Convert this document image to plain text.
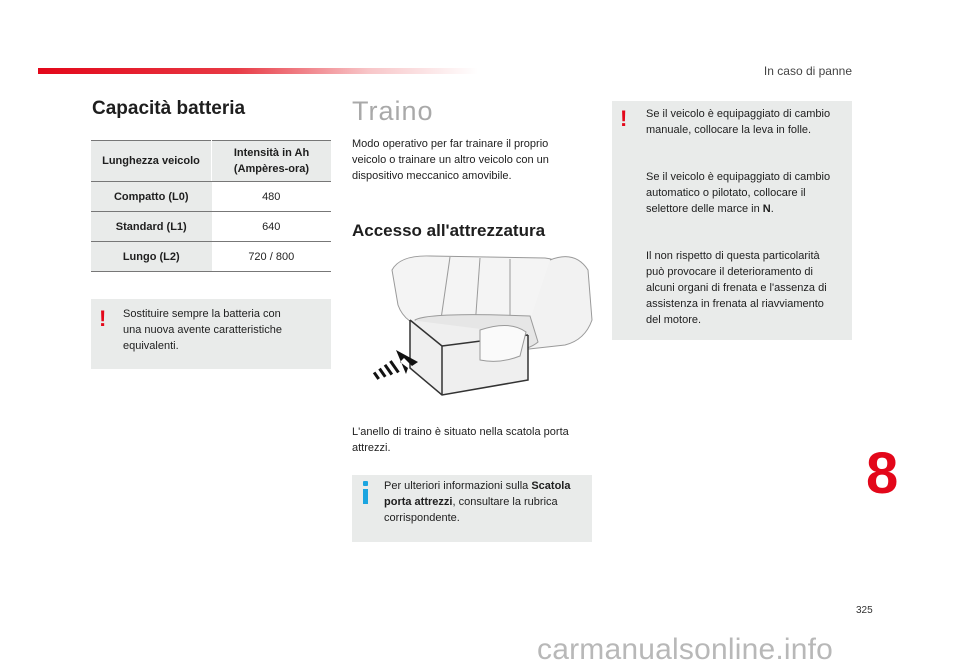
In caso di panne
Capacità batteria
Lunghezza veicolo	Intensità in Ah
(Ampères-ora)
Compatto (L0)	480
Standard (L1)	640
Lungo (L2)	720 / 800
! Sostituire sempre la batteria con
una nuova avente caratteristiche
equivalenti.
Traino
Modo operativo per far trainare il proprio
veicolo o trainare un altro veicolo con un
dispositivo meccanico amovibile.
Accesso all'attrezzatura
L'anello di traino è situato nella scatola porta
attrezzi.
Per ulteriori informazioni sulla Scatola
porta attrezzi, consultare la rubrica
corrispondente.
! Se il veicolo è equipaggiato di cambio
manuale, collocare la leva in folle.
Se il veicolo è equipaggiato di cambio
automatico o pilotato, collocare il
selettore delle marce in N.
Il non rispetto di questa particolarità
può provocare il deterioramento di
alcuni organi di frenata e l'assenza di
assistenza in frenata al riavviamento
del motore.
8
325
carmanualsonline.info
